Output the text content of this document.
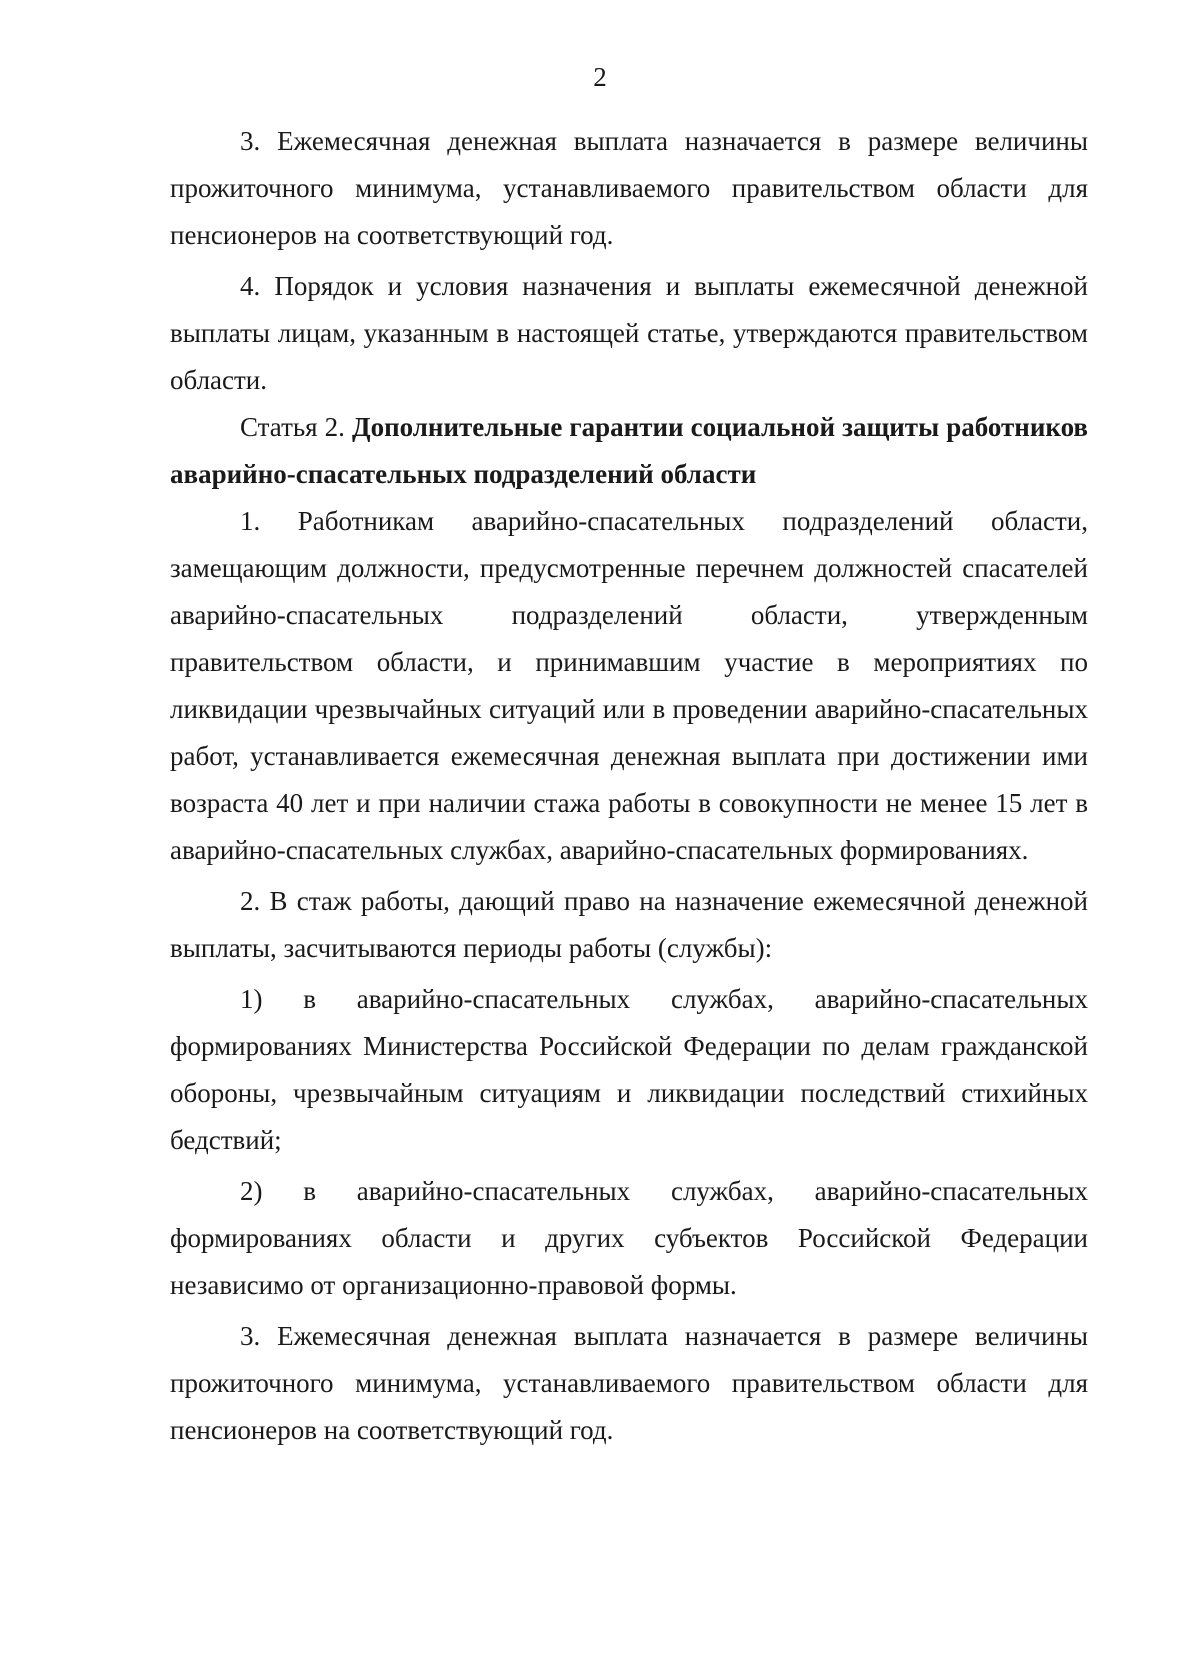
2

3. Ежемесячная денежная выплата назначается в размере величины прожиточного минимума, устанавливаемого правительством области для пенсионеров на соответствующий год.

4. Порядок и условия назначения и выплаты ежемесячной денежной выплаты лицам, указанным в настоящей статье, утверждаются правительством области.

Статья 2. Дополнительные гарантии социальной защиты работников аварийно-спасательных подразделений области

1. Работникам аварийно-спасательных подразделений области, замещающим должности, предусмотренные перечнем должностей спасателей аварийно-спасательных подразделений области, утвержденным правительством области, и принимавшим участие в мероприятиях по ликвидации чрезвычайных ситуаций или в проведении аварийно-спасательных работ, устанавливается ежемесячная денежная выплата при достижении ими возраста 40 лет и при наличии стажа работы в совокупности не менее 15 лет в аварийно-спасательных службах, аварийно-спасательных формированиях.

2. В стаж работы, дающий право на назначение ежемесячной денежной выплаты, засчитываются периоды работы (службы):

1) в аварийно-спасательных службах, аварийно-спасательных формированиях Министерства Российской Федерации по делам гражданской обороны, чрезвычайным ситуациям и ликвидации последствий стихийных бедствий;

2) в аварийно-спасательных службах, аварийно-спасательных формированиях области и других субъектов Российской Федерации независимо от организационно-правовой формы.

3. Ежемесячная денежная выплата назначается в размере величины прожиточного минимума, устанавливаемого правительством области для пенсионеров на соответствующий год.
